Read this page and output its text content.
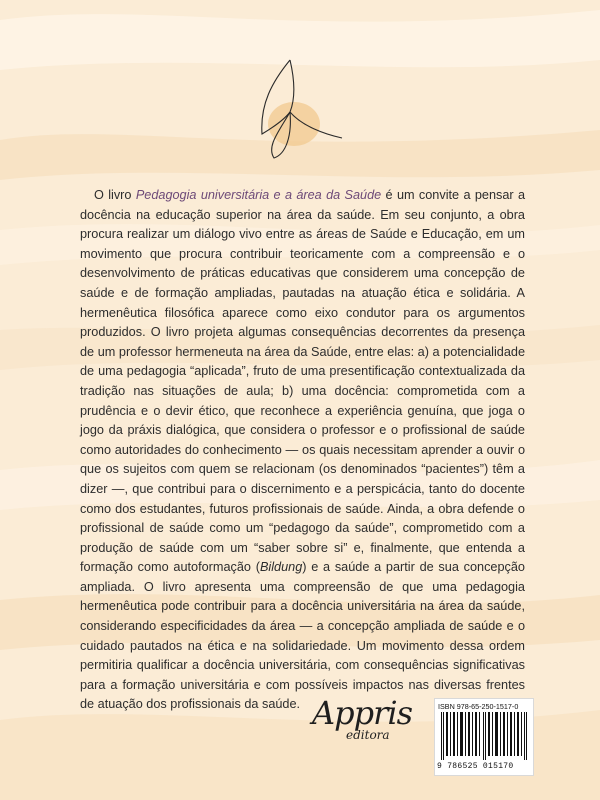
O livro Pedagogia universitária e a área da Saúde é um convite a pensar a docência na educação superior na área da saúde. Em seu conjunto, a obra procura realizar um diálogo vivo entre as áreas de Saúde e Educação, em um movimento que procura contribuir teoricamente com a compreensão e o desenvolvimento de práticas educativas que considerem uma concepção de saúde e de formação ampliadas, pautadas na atuação ética e solidária. A hermenêutica filosófica aparece como eixo condutor para os argumentos produzidos. O livro projeta algumas consequências decorrentes da presença de um professor hermeneuta na área da Saúde, entre elas: a) a potencialidade de uma pedagogia “aplicada”, fruto de uma presentificação contextualizada da tradição nas situações de aula; b) uma docência: comprometida com a prudência e o devir ético, que reconhece a experiência genuína, que joga o jogo da práxis dialógica, que considera o professor e o profissional de saúde como autoridades do conhecimento — os quais necessitam aprender a ouvir o que os sujeitos com quem se relacionam (os denominados “pacientes”) têm a dizer —, que contribui para o discernimento e a perspicácia, tanto do docente como dos estudantes, futuros profissionais de saúde. Ainda, a obra defende o profissional de saúde como um “pedagogo da saúde”, comprometido com a produção de saúde com um “saber sobre si” e, finalmente, que entenda a formação como autoformação (Bildung) e a saúde a partir de sua concepção ampliada. O livro apresenta uma compreensão de que uma pedagogia hermenêutica pode contribuir para a docência universitária na área da saúde, considerando especificidades da área — a concepção ampliada de saúde e o cuidado pautados na ética e na solidariedade. Um movimento dessa ordem permitiria qualificar a docência universitária, com consequências significativas para a formação universitária e com possíveis impactos nas diversas frentes de atuação dos profissionais da saúde. Appris
editora
ISBN 978-65-250-1517-0
9 786525 015170
